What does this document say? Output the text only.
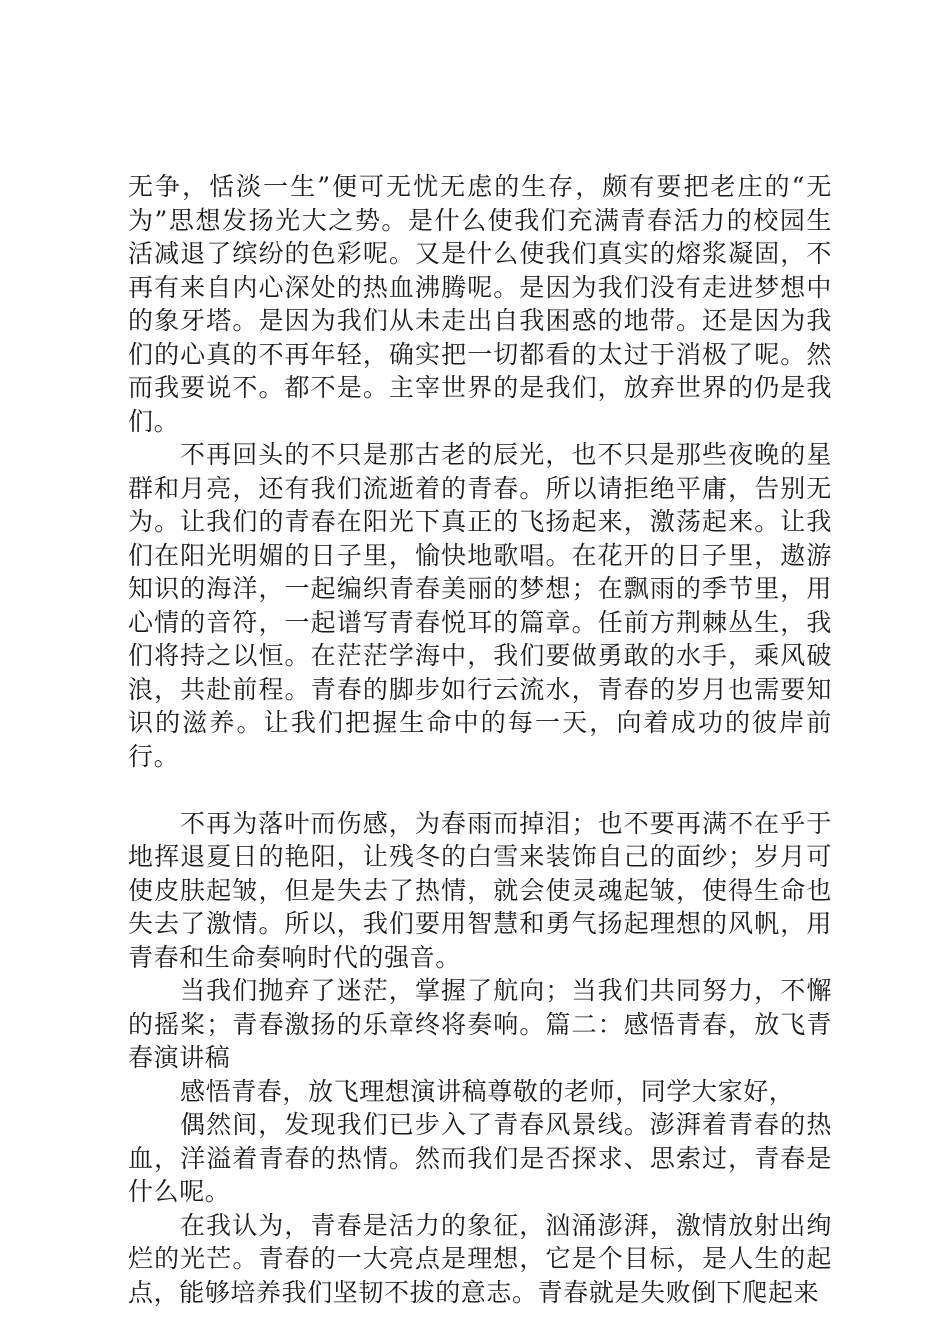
无争，恬淡一生”便可无忧无虑的生存，颇有要把老庄的“无为”思想发扬光大之势。是什么使我们充满青春活力的校园生活减退了缤纷的色彩呢。又是什么使我们真实的熔浆凝固，不再有来自内心深处的热血沸腾呢。是因为我们没有走进梦想中的象牙塔。是因为我们从未走出自我困惑的地带。还是因为我们的心真的不再年轻，确实把一切都看的太过于消极了呢。然而我要说不。都不是。主宰世界的是我们，放弃世界的仍是我们。

不再回头的不只是那古老的辰光，也不只是那些夜晚的星群和月亮，还有我们流逝着的青春。所以请拒绝平庸，告别无为。让我们的青春在阳光下真正的飞扬起来，激荡起来。让我们在阳光明媚的日子里，愉快地歌唱。在花开的日子里，遨游知识的海洋，一起编织青春美丽的梦想；在飘雨的季节里，用心情的音符，一起谱写青春悦耳的篇章。任前方荆棘丛生，我们将持之以恒。在茫茫学海中，我们要做勇敢的水手，乘风破浪，共赴前程。青春的脚步如行云流水，青春的岁月也需要知识的滋养。让我们把握生命中的每一天，向着成功的彼岸前行。

不再为落叶而伤感，为春雨而掉泪；也不要再满不在乎于地挥退夏日的艳阳，让残冬的白雪来装饰自己的面纱；岁月可使皮肤起皱，但是失去了热情，就会使灵魂起皱，使得生命也失去了激情。所以，我们要用智慧和勇气扬起理想的风帆，用青春和生命奏响时代的强音。

当我们抛弃了迷茫，掌握了航向；当我们共同努力，不懈的摇桨；青春激扬的乐章终将奏响。篇二：感悟青春，放飞青春演讲稿

感悟青春，放飞理想演讲稿尊敬的老师，同学大家好，

偶然间，发现我们已步入了青春风景线。澎湃着青春的热血，洋溢着青春的热情。然而我们是否探求、思索过，青春是什么呢。

在我认为，青春是活力的象征，汹涌澎湃，激情放射出绚烂的光芒。青春的一大亮点是理想，它是个目标，是人生的起点，能够培养我们坚韧不拔的意志。青春就是失败倒下爬起来
